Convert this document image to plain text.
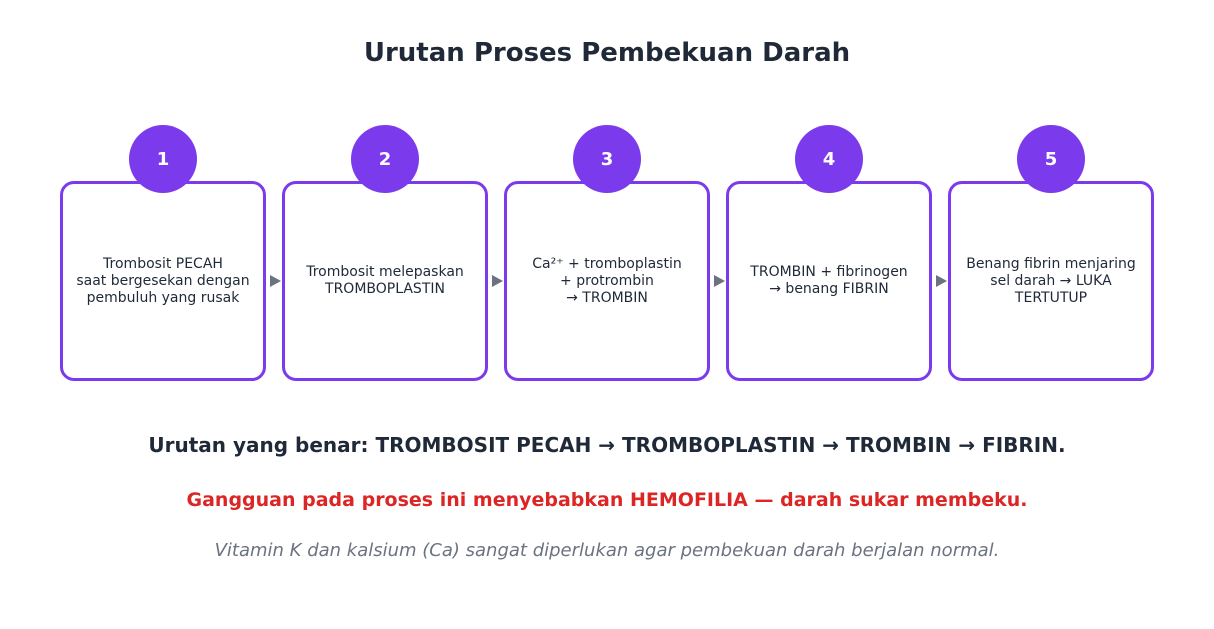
Urutan Proses Pembekuan Darah
Trombosit PECAH
saat bergesekan dengan
pembuluh yang rusak
1
Trombosit melepaskan
TROMBOPLASTIN
2
Ca²⁺ + tromboplastin
+ protrombin
→ TROMBIN
3
TROMBIN + fibrinogen
→ benang FIBRIN
4
Benang fibrin menjaring
sel darah → LUKA TERTUTUP
5
Urutan yang benar: TROMBOSIT PECAH → TROMBOPLASTIN → TROMBIN → FIBRIN.
Gangguan pada proses ini menyebabkan HEMOFILIA — darah sukar membeku.
Vitamin K dan kalsium (Ca) sangat diperlukan agar pembekuan darah berjalan normal.
